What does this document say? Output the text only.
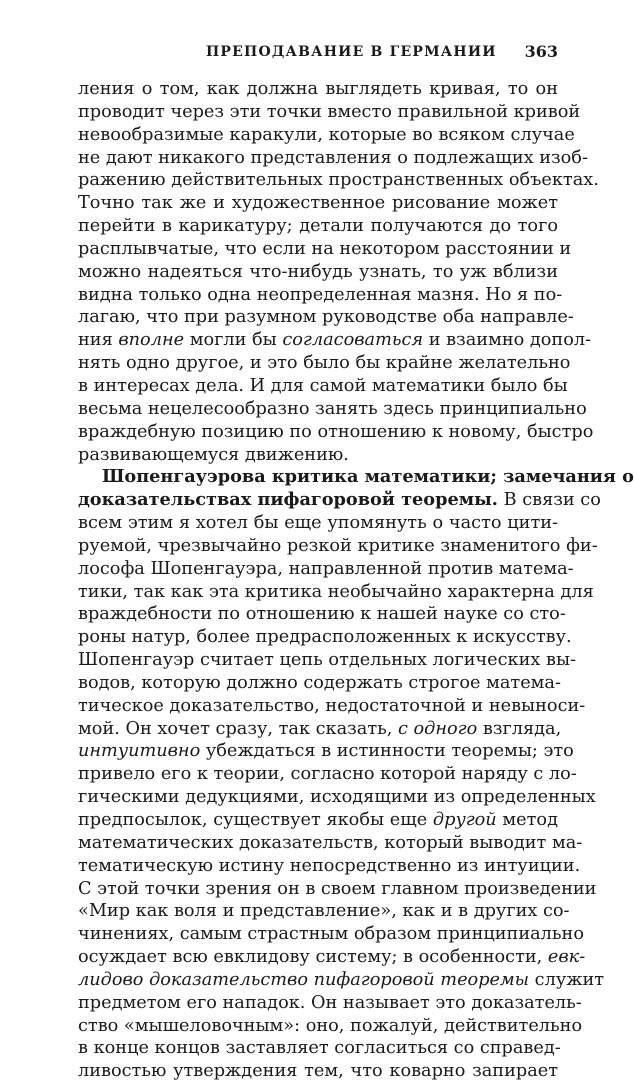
ПРЕПОДАВАНИЕ В ГЕРМАНИИ 363
ления о том, как должна выглядеть кривая, то он
проводит через эти точки вместо правильной кривой
невообразимые каракули, которые во всяком случае
не дают никакого представления о подлежащих изоб-
ражению действительных пространственных объектах.
Точно так же и художественное рисование может
перейти в карикатуру; детали получаются до того
расплывчатые, что если на некотором расстоянии и
можно надеяться что-нибудь узнать, то уж вблизи
видна только одна неопределенная мазня. Но я по-
лагаю, что при разумном руководстве оба направле-
ния вполне могли бы согласоваться и взаимно допол-
нять одно другое, и это было бы крайне желательно
в интересах дела. И для самой математики было бы
весьма нецелесообразно занять здесь принципиально
враждебную позицию по отношению к новому, быстро
развивающемуся движению.
Шопенгауэрова критика математики; замечания о
доказательствах пифагоровой теоремы. В связи со
всем этим я хотел бы еще упомянуть о часто цити-
руемой, чрезвычайно резкой критике знаменитого фи-
лософа Шопенгауэра, направленной против матема-
тики, так как эта критика необычайно характерна для
враждебности по отношению к нашей науке со сто-
роны натур, более предрасположенных к искусству.
Шопенгауэр считает цепь отдельных логических вы-
водов, которую должно содержать строгое матема-
тическое доказательство, недостаточной и невыноси-
мой. Он хочет сразу, так сказать, с одного взгляда,
интуитивно убеждаться в истинности теоремы; это
привело его к теории, согласно которой наряду с ло-
гическими дедукциями, исходящими из определенных
предпосылок, существует якобы еще другой метод
математических доказательств, который выводит ма-
тематическую истину непосредственно из интуиции.
С этой точки зрения он в своем главном произведении
«Мир как воля и представление», как и в других со-
чинениях, самым страстным образом принципиально
осуждает всю евклидову систему; в особенности, евк-
лидово доказательство пифагоровой теоремы служит
предметом его нападок. Он называет это доказатель-
ство «мышеловочным»: оно, пожалуй, действительно
в конце концов заставляет согласиться со справед-
ливостью утверждения тем, что коварно запирает
